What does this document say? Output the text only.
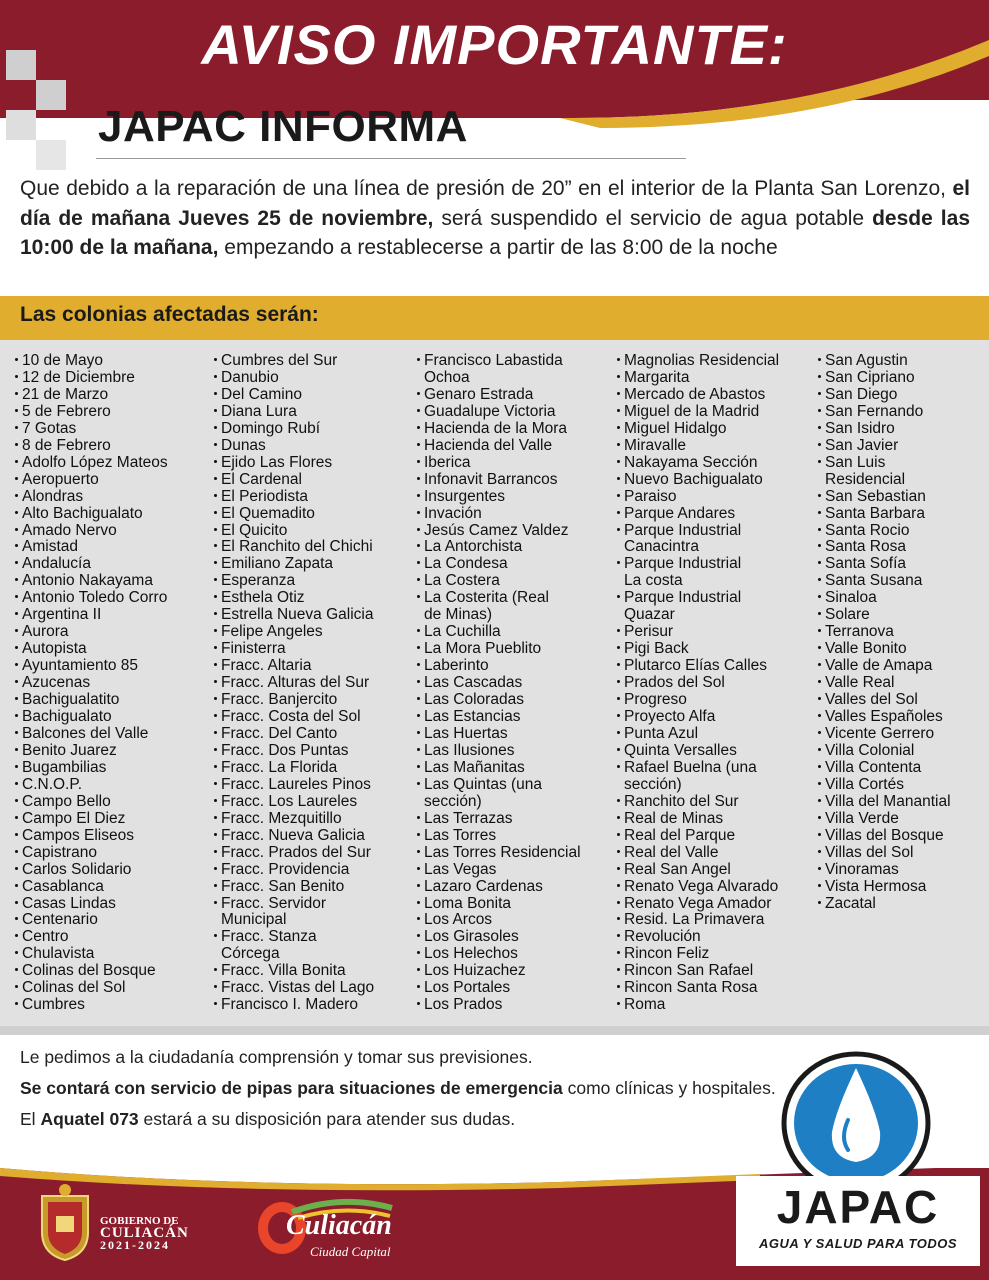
AVISO IMPORTANTE:
JAPAC INFORMA
Que debido a la reparación de una línea de presión de 20” en el interior de la Planta San Lorenzo, el día de mañana Jueves 25 de noviembre, será suspendido el servicio de agua potable desde las 10:00 de la mañana, empezando a restablecerse a partir de las 8:00 de la noche
Las colonias afectadas serán:
10 de Mayo
12 de Diciembre
21 de Marzo
5 de Febrero
7 Gotas
8 de Febrero
Adolfo López Mateos
Aeropuerto
Alondras
Alto Bachigualato
Amado Nervo
Amistad
Andalucía
Antonio Nakayama
Antonio Toledo Corro
Argentina II
Aurora
Autopista
Ayuntamiento 85
Azucenas
Bachigualatito
Bachigualato
Balcones del Valle
Benito Juarez
Bugambilias
C.N.O.P.
Campo Bello
Campo El Diez
Campos Eliseos
Capistrano
Carlos Solidario
Casablanca
Casas Lindas
Centenario
Centro
Chulavista
Colinas del Bosque
Colinas del Sol
Cumbres
Cumbres del Sur
Danubio
Del Camino
Diana Lura
Domingo Rubí
Dunas
Ejido Las Flores
El Cardenal
El Periodista
El Quemadito
El Quicito
El Ranchito del Chichi
Emiliano Zapata
Esperanza
Esthela Otiz
Estrella Nueva Galicia
Felipe Angeles
Finisterra
Fracc. Altaria
Fracc. Alturas del Sur
Fracc. Banjercito
Fracc. Costa del Sol
Fracc. Del Canto
Fracc. Dos Puntas
Fracc. La Florida
Fracc. Laureles Pinos
Fracc. Los Laureles
Fracc. Mezquitillo
Fracc. Nueva Galicia
Fracc. Prados del Sur
Fracc. Providencia
Fracc. San Benito
Fracc. Servidor
Municipal
Fracc. Stanza
Córcega
Fracc. Villa Bonita
Fracc. Vistas del Lago
Francisco I. Madero
Francisco Labastida
Ochoa
Genaro Estrada
Guadalupe Victoria
Hacienda de la Mora
Hacienda del Valle
Iberica
Infonavit Barrancos
Insurgentes
Invación
Jesús Camez Valdez
La Antorchista
La Condesa
La Costera
La Costerita (Real
de Minas)
La Cuchilla
La Mora Pueblito
Laberinto
Las Cascadas
Las Coloradas
Las Estancias
Las Huertas
Las Ilusiones
Las Mañanitas
Las Quintas (una
sección)
Las Terrazas
Las Torres
Las Torres Residencial
Las Vegas
Lazaro Cardenas
Loma Bonita
Los Arcos
Los Girasoles
Los Helechos
Los Huizachez
Los Portales
Los Prados
Magnolias Residencial
Margarita
Mercado de Abastos
Miguel de la Madrid
Miguel Hidalgo
Miravalle
Nakayama Sección
Nuevo Bachigualato
Paraiso
Parque Andares
Parque Industrial
Canacintra
Parque Industrial
La costa
Parque Industrial
Quazar
Perisur
Pigi Back
Plutarco Elías Calles
Prados del Sol
Progreso
Proyecto Alfa
Punta Azul
Quinta Versalles
Rafael Buelna (una
sección)
Ranchito del Sur
Real de Minas
Real del Parque
Real del Valle
Real San Angel
Renato Vega Alvarado
Renato Vega Amador
Resid. La Primavera
Revolución
Rincon Feliz
Rincon San Rafael
Rincon Santa Rosa
Roma
San Agustin
San Cipriano
San Diego
San Fernando
San Isidro
San Javier
San Luis
Residencial
San Sebastian
Santa Barbara
Santa Rocio
Santa Rosa
Santa Sofía
Santa Susana
Sinaloa
Solare
Terranova
Valle Bonito
Valle de Amapa
Valle Real
Valles del Sol
Valles Españoles
Vicente Gerrero
Villa Colonial
Villa Contenta
Villa Cortés
Villa del Manantial
Villa Verde
Villas del Bosque
Villas del Sol
Vinoramas
Vista Hermosa
Zacatal

Le pedimos a la ciudadanía comprensión y tomar sus previsiones.

Se contará con servicio de pipas para situaciones de emergencia como clínicas y hospitales.

El Aquatel 073 estará a su disposición para atender sus dudas.

JAPAC
AGUA Y SALUD PARA TODOS
GOBIERNO DE
CULIACÁN
2021-2024
Culiacán
Ciudad Capital
